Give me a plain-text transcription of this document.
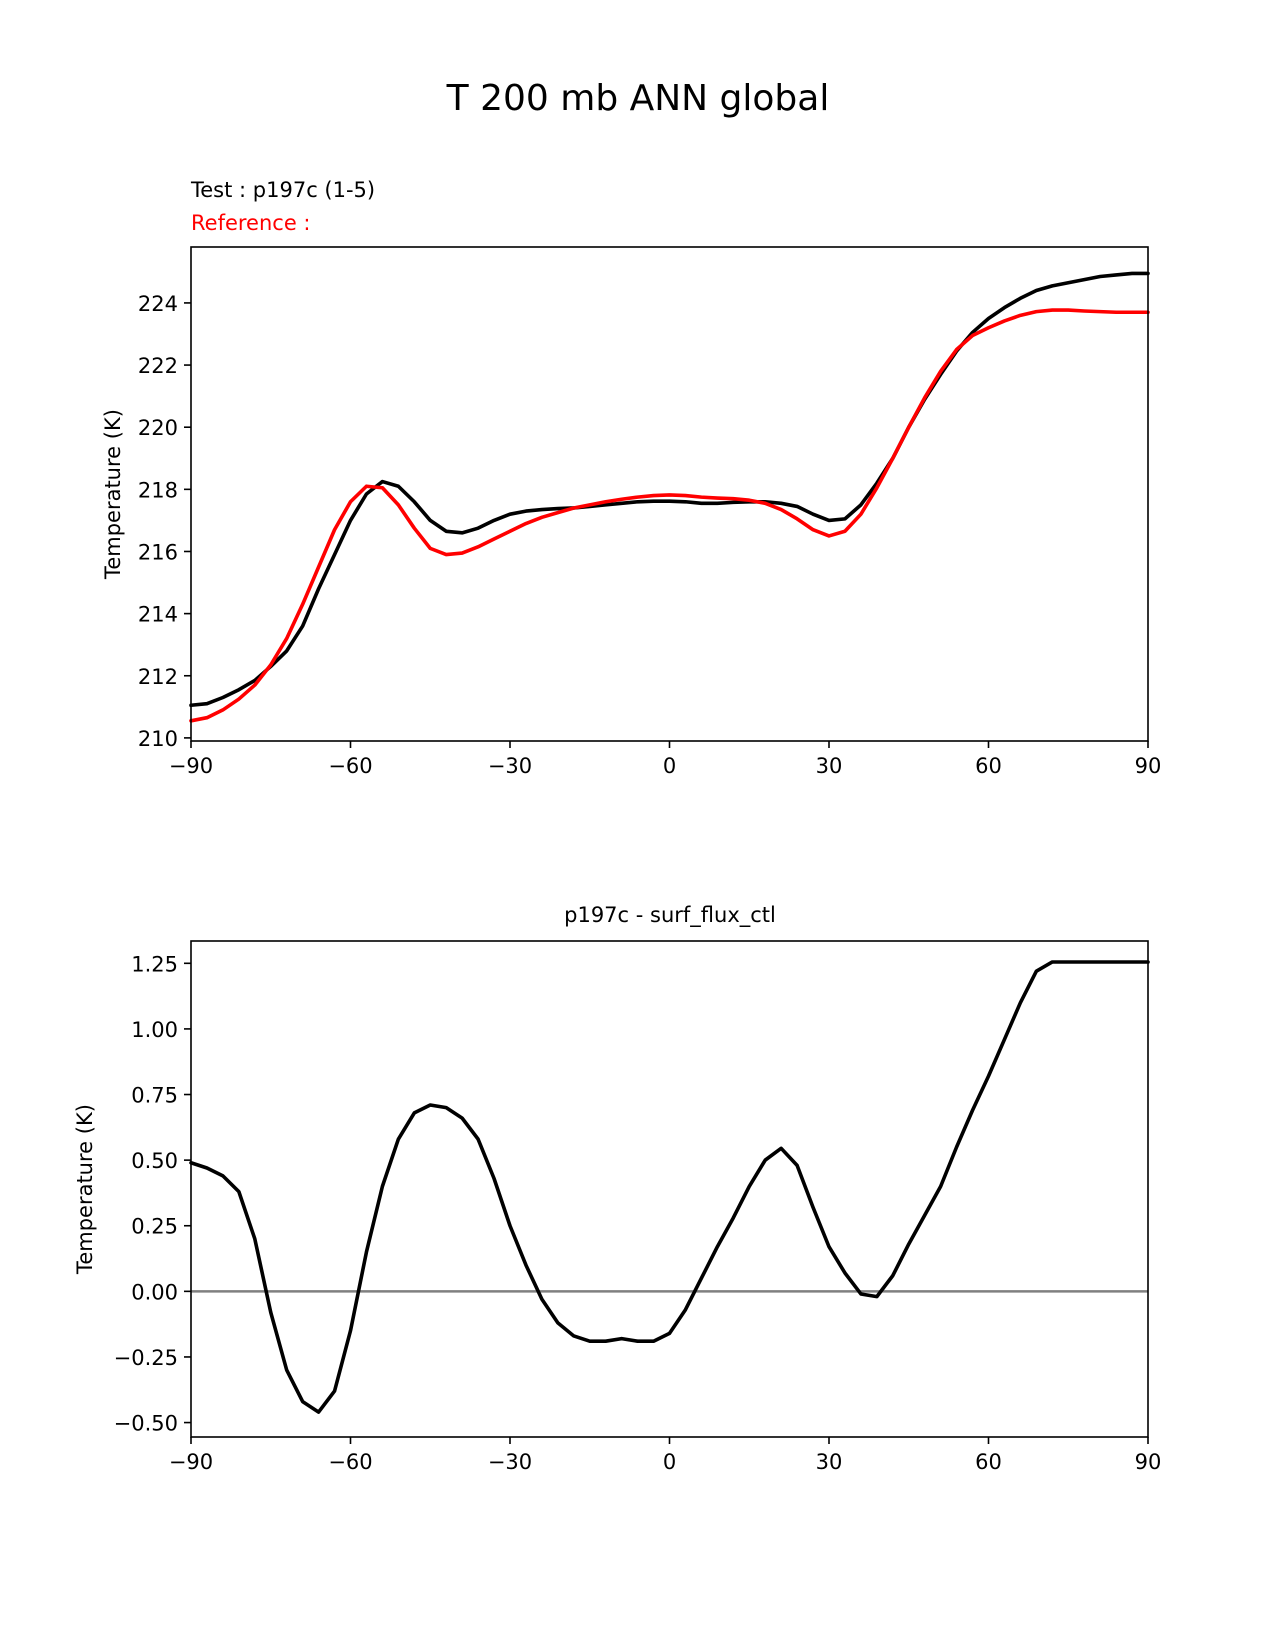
T 200 mb ANN global
Test : p197c (1-5)
Reference :
Temperature (K)
−90	−60	−30	0	30	60	90
210
212
214
216
218
220
222
224
p197c - surf_flux_ctl
Temperature (K)
−90	−60	−30	0	30	60	90
−0.50
−0.25
0.00
0.25
0.50
0.75
1.00
1.25
